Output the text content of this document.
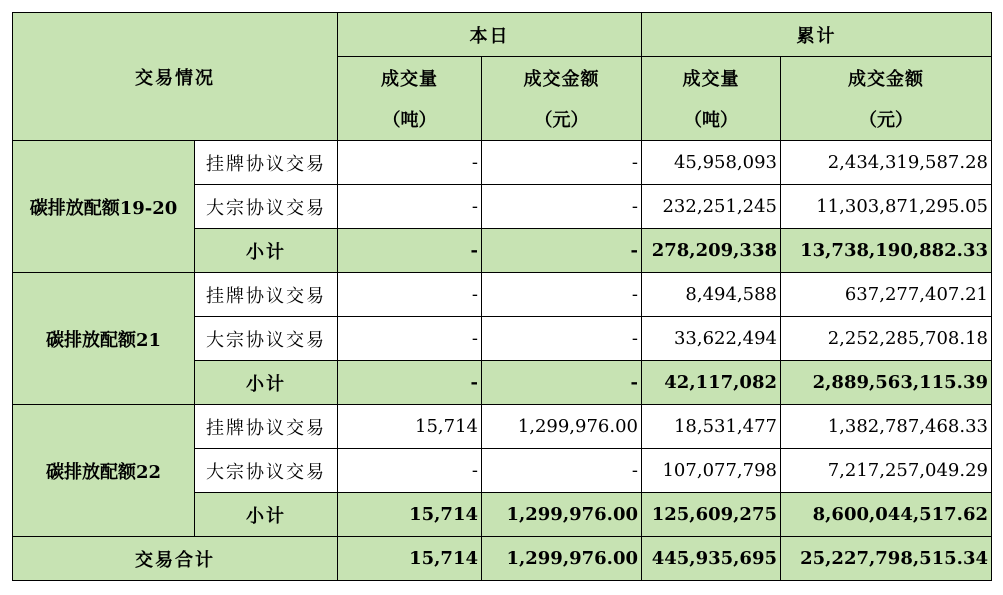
交易情况		本日		累计	
		成交量	成交金额	成交量	成交金额
		（吨）	（元）	（吨）	（元）
碳排放配额19-20	挂牌协议交易	-	-	45,958,093	2,434,319,587.28
	大宗协议交易	-	-	232,251,245	11,303,871,295.05
	小计	-	-	278,209,338	13,738,190,882.33
碳排放配额21	挂牌协议交易	-	-	8,494,588	637,277,407.21
	大宗协议交易	-	-	33,622,494	2,252,285,708.18
	小计	-	-	42,117,082	2,889,563,115.39
碳排放配额22	挂牌协议交易	15,714	1,299,976.00	18,531,477	1,382,787,468.33
	大宗协议交易	-	-	107,077,798	7,217,257,049.29
	小计	15,714	1,299,976.00	125,609,275	8,600,044,517.62
交易合计		15,714	1,299,976.00	445,935,695	25,227,798,515.34
